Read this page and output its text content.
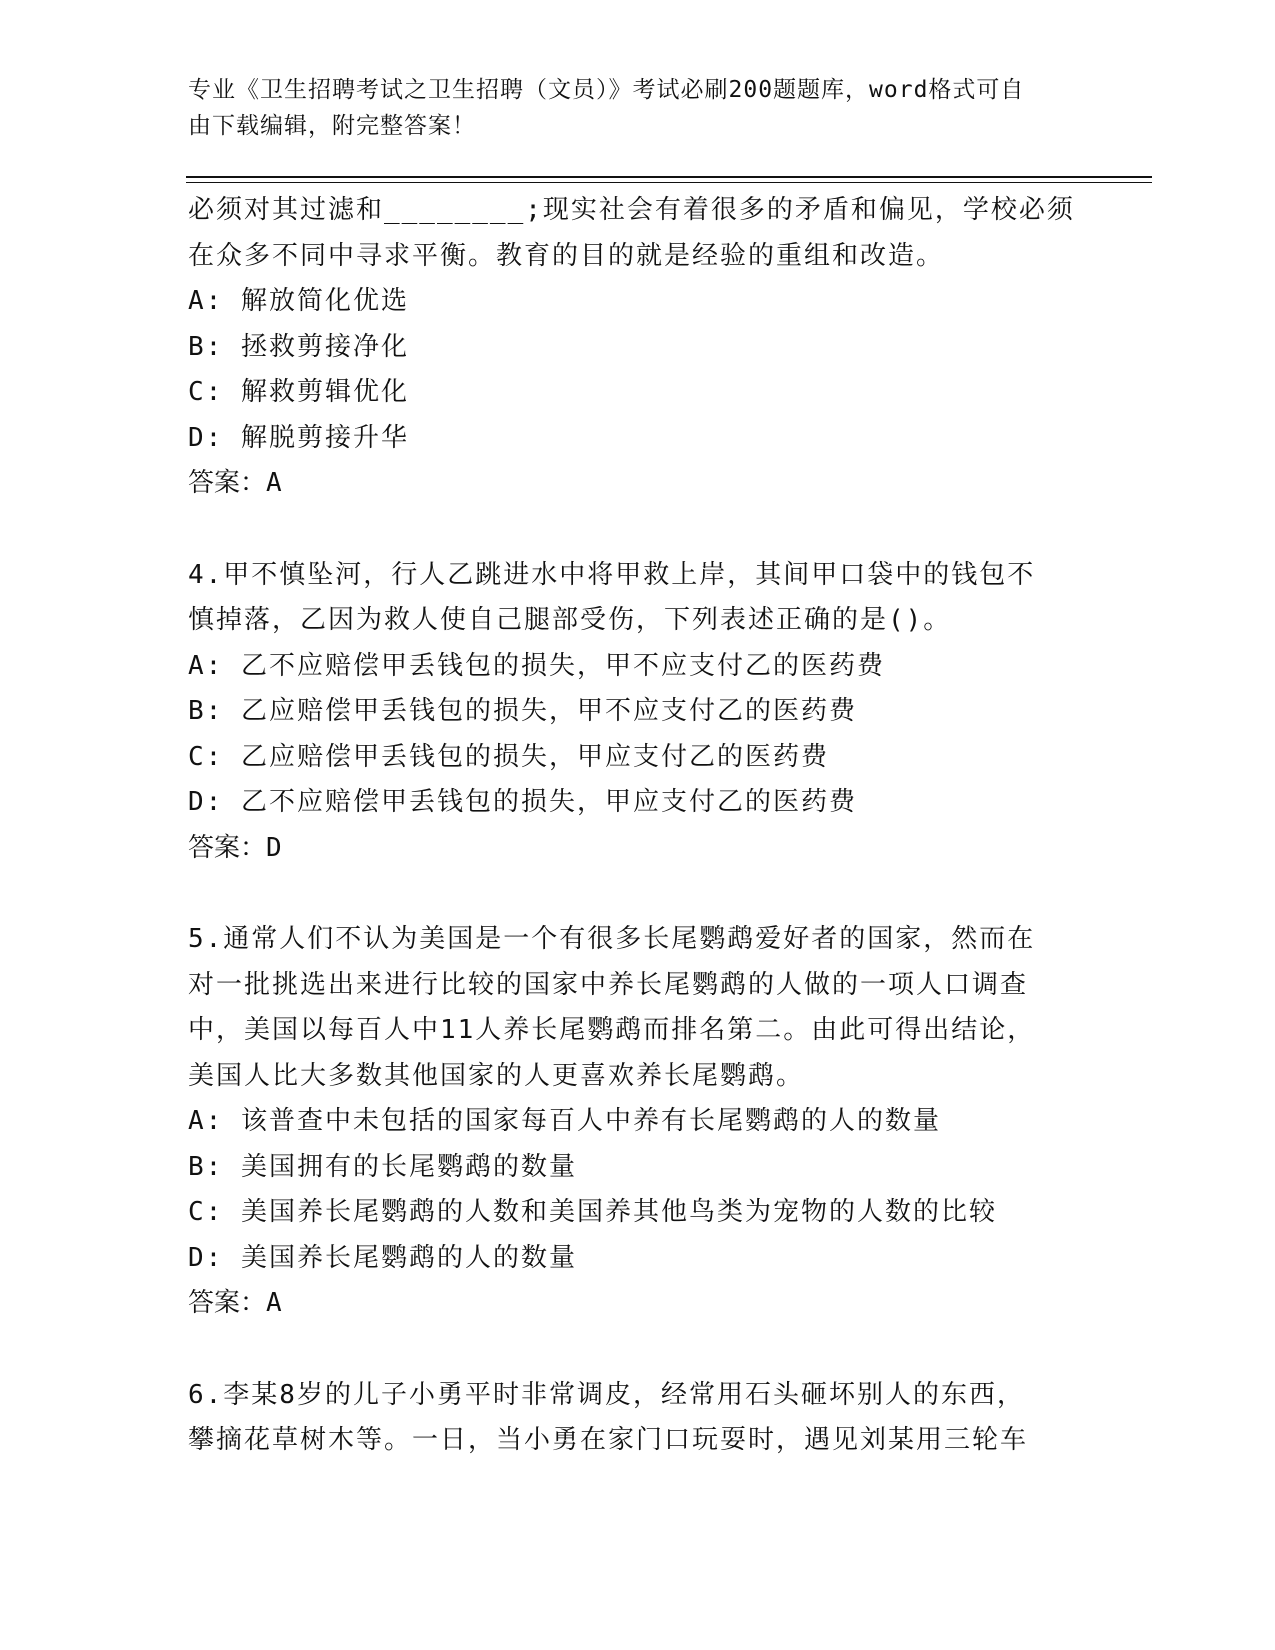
专业《卫生招聘考试之卫生招聘（文员）》考试必刷200题题库，word格式可自
由下载编辑，附完整答案！
必须对其过滤和________;现实社会有着很多的矛盾和偏见，学校必须
在众多不同中寻求平衡。教育的目的就是经验的重组和改造。
A: 解放简化优选
B: 拯救剪接净化
C: 解救剪辑优化
D: 解脱剪接升华
答案：A
4.甲不慎坠河，行人乙跳进水中将甲救上岸，其间甲口袋中的钱包不
慎掉落，乙因为救人使自己腿部受伤，下列表述正确的是()。
A: 乙不应赔偿甲丢钱包的损失，甲不应支付乙的医药费
B: 乙应赔偿甲丢钱包的损失，甲不应支付乙的医药费
C: 乙应赔偿甲丢钱包的损失，甲应支付乙的医药费
D: 乙不应赔偿甲丢钱包的损失，甲应支付乙的医药费
答案：D
5.通常人们不认为美国是一个有很多长尾鹦鹉爱好者的国家，然而在
对一批挑选出来进行比较的国家中养长尾鹦鹉的人做的一项人口调查
中，美国以每百人中11人养长尾鹦鹉而排名第二。由此可得出结论，
美国人比大多数其他国家的人更喜欢养长尾鹦鹉。
A: 该普查中未包括的国家每百人中养有长尾鹦鹉的人的数量
B: 美国拥有的长尾鹦鹉的数量
C: 美国养长尾鹦鹉的人数和美国养其他鸟类为宠物的人数的比较
D: 美国养长尾鹦鹉的人的数量
答案：A
6.李某8岁的儿子小勇平时非常调皮，经常用石头砸坏别人的东西，
攀摘花草树木等。一日，当小勇在家门口玩耍时，遇见刘某用三轮车
